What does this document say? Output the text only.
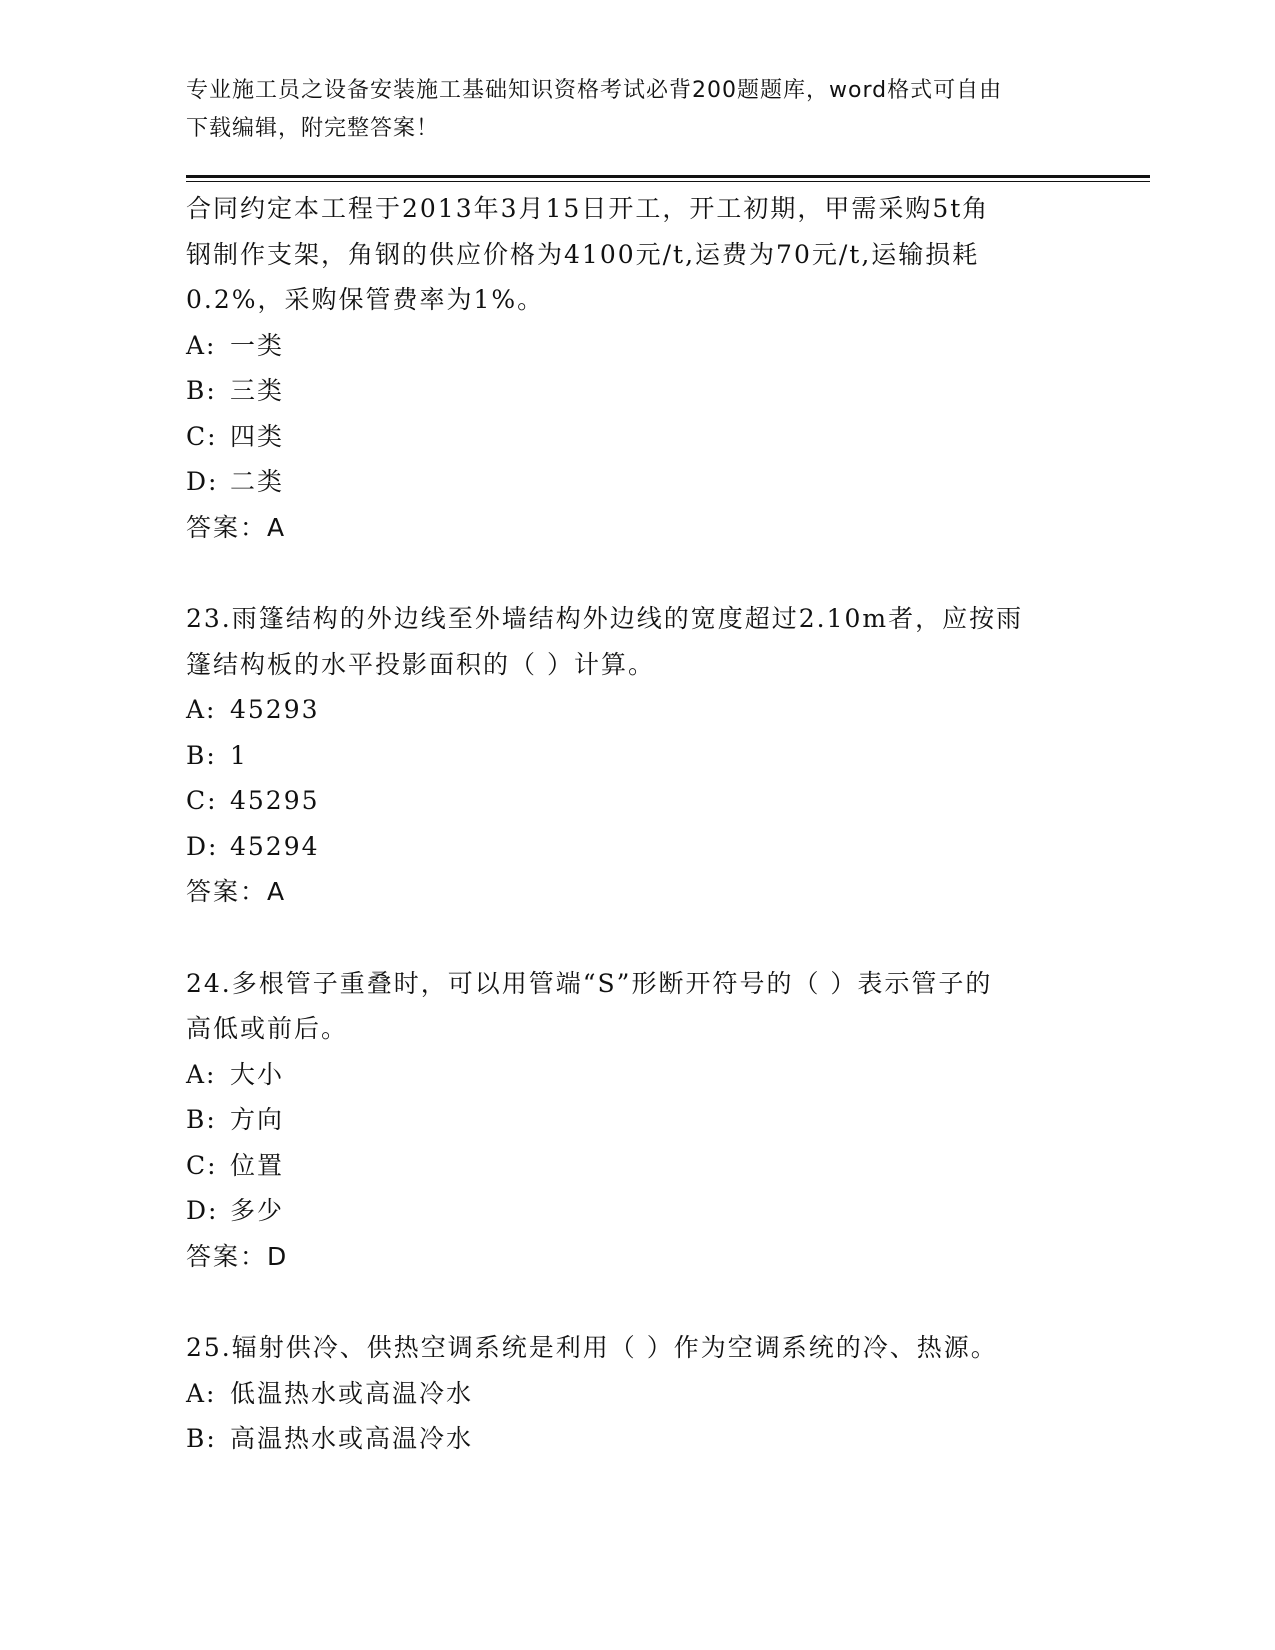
专业施工员之设备安装施工基础知识资格考试必背200题题库，word格式可自由
下载编辑，附完整答案！

合同约定本工程于2013年3月15日开工，开工初期，甲需采购5t角

钢制作支架，角钢的供应价格为4100元/t,运费为70元/t,运输损耗

0.2%，采购保管费率为1%。

A: 一类

B: 三类

C: 四类

D: 二类

答案：A

23.雨篷结构的外边线至外墙结构外边线的宽度超过2.10m者，应按雨

篷结构板的水平投影面积的（ ）计算。

A: 45293

B: 1

C: 45295

D: 45294

答案：A

24.多根管子重叠时，可以用管端“S”形断开符号的（ ）表示管子的

高低或前后。

A: 大小

B: 方向

C: 位置

D: 多少

答案：D

25.辐射供冷、供热空调系统是利用（ ）作为空调系统的冷、热源。

A: 低温热水或高温冷水

B: 高温热水或高温冷水
